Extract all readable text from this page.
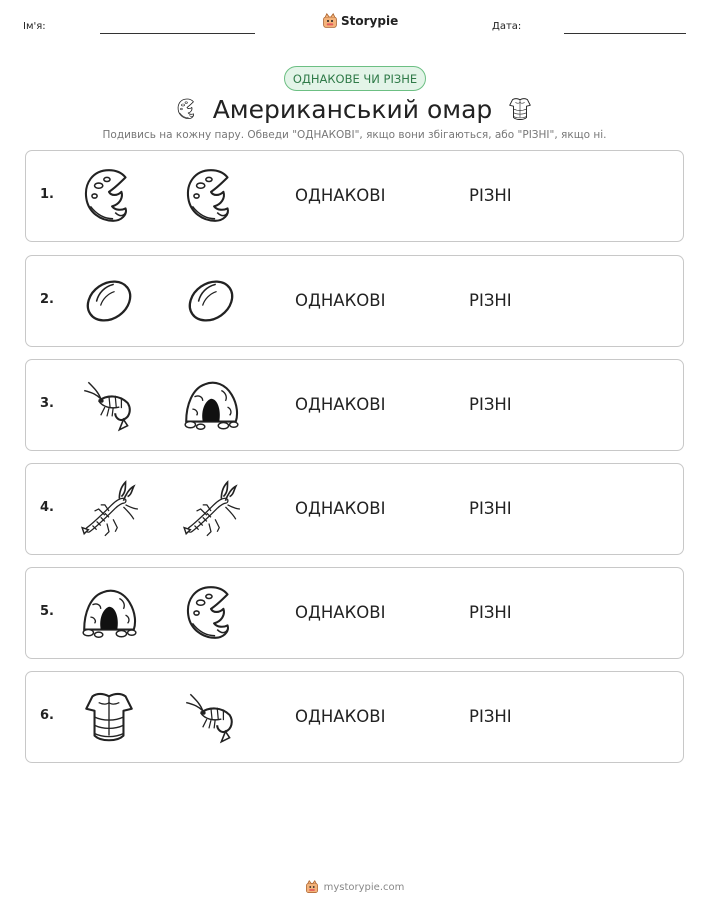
Ім'я:	Storypie	Дата:
ОДНАКОВЕ ЧИ РІЗНЕ
Американський омар
Подивись на кожну пару. Обведи "ОДНАКОВІ", якщо вони збігаються, або "РІЗНІ", якщо ні.
1.	ОДНАКОВІ	РІЗНІ
2.	ОДНАКОВІ	РІЗНІ
3.	ОДНАКОВІ	РІЗНІ
4.	ОДНАКОВІ	РІЗНІ
5.	ОДНАКОВІ	РІЗНІ
6.	ОДНАКОВІ	РІЗНІ
mystorypie.com
